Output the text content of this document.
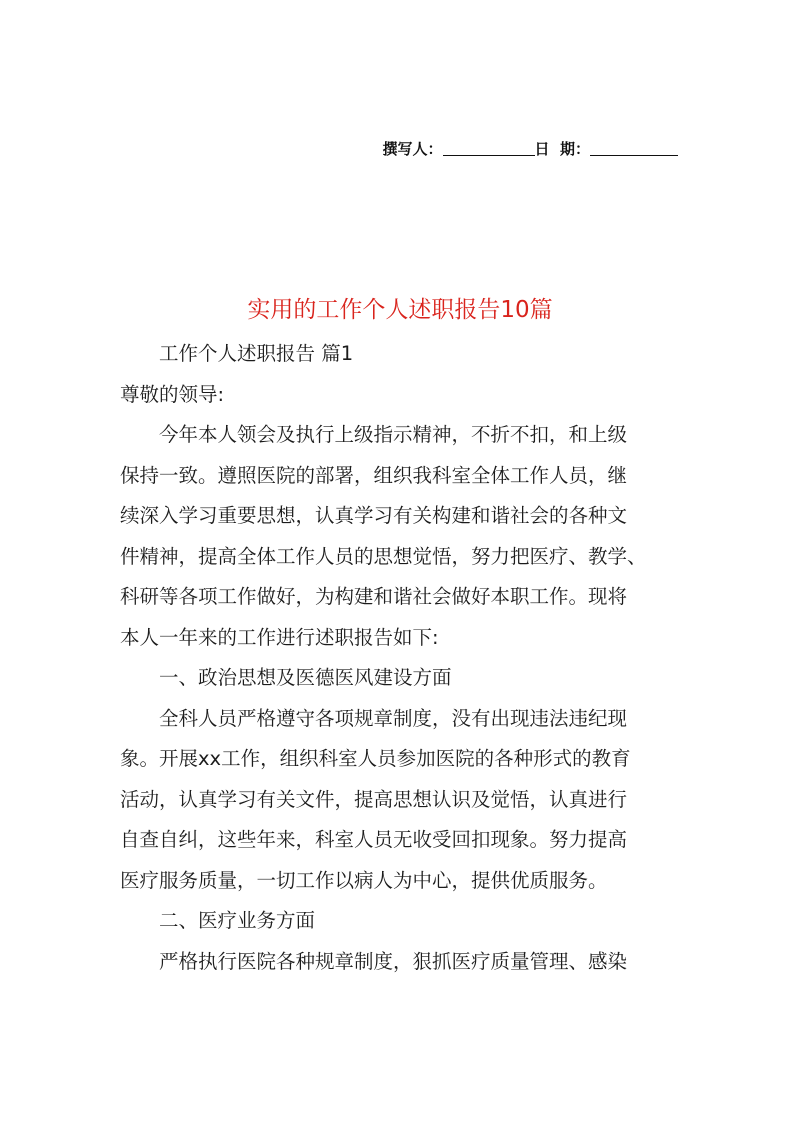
撰写人：	日  期：
实用的工作个人述职报告10篇

工作个人述职报告 篇1

尊敬的领导:

今年本人领会及执行上级指示精神，不折不扣，和上级
保持一致。遵照医院的部署，组织我科室全体工作人员，继
续深入学习重要思想，认真学习有关构建和谐社会的各种文
件精神，提高全体工作人员的思想觉悟，努力把医疗、教学、
科研等各项工作做好，为构建和谐社会做好本职工作。现将
本人一年来的工作进行述职报告如下:

一、政治思想及医德医风建设方面

全科人员严格遵守各项规章制度，没有出现违法违纪现
象。开展xx工作，组织科室人员参加医院的各种形式的教育
活动，认真学习有关文件，提高思想认识及觉悟，认真进行
自查自纠，这些年来，科室人员无收受回扣现象。努力提高
医疗服务质量，一切工作以病人为中心，提供优质服务。

二、医疗业务方面

严格执行医院各种规章制度，狠抓医疗质量管理、感染
